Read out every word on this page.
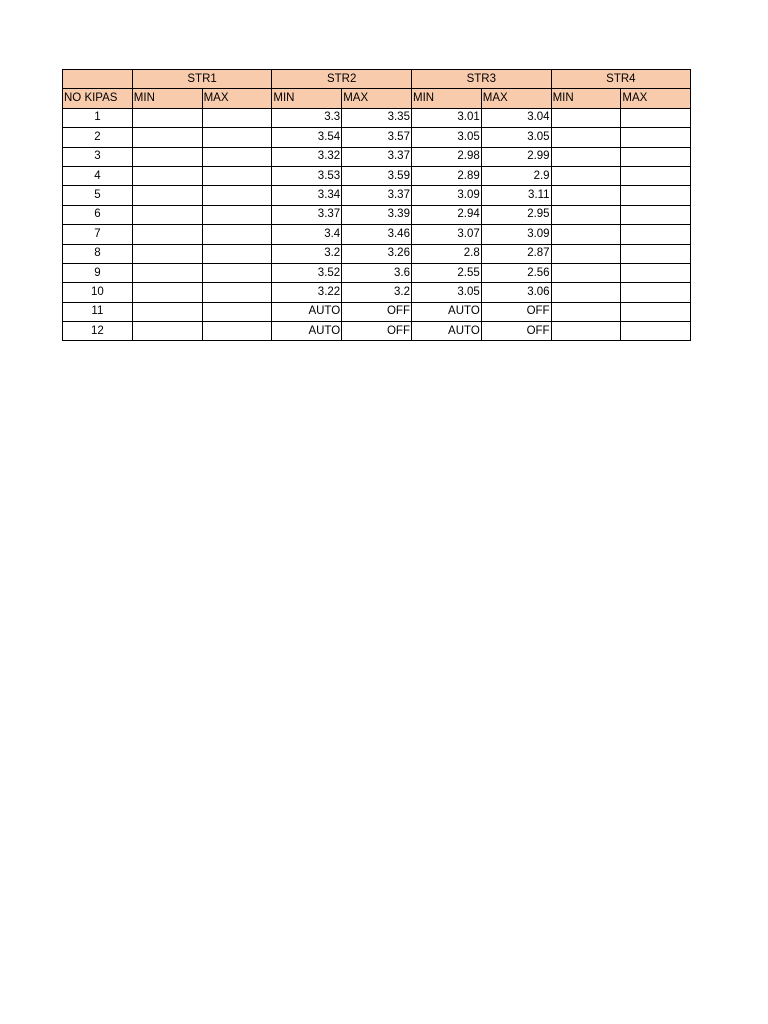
	STR1		STR2		STR3		STR4	
NO KIPAS	MIN	MAX	MIN	MAX	MIN	MAX	MIN	MAX
1			3.3	3.35	3.01	3.04		
2			3.54	3.57	3.05	3.05		
3			3.32	3.37	2.98	2.99		
4			3.53	3.59	2.89	2.9		
5			3.34	3.37	3.09	3.11		
6			3.37	3.39	2.94	2.95		
7			3.4	3.46	3.07	3.09		
8			3.2	3.26	2.8	2.87		
9			3.52	3.6	2.55	2.56		
10			3.22	3.2	3.05	3.06		
11			AUTO	OFF	AUTO	OFF		
12			AUTO	OFF	AUTO	OFF		
